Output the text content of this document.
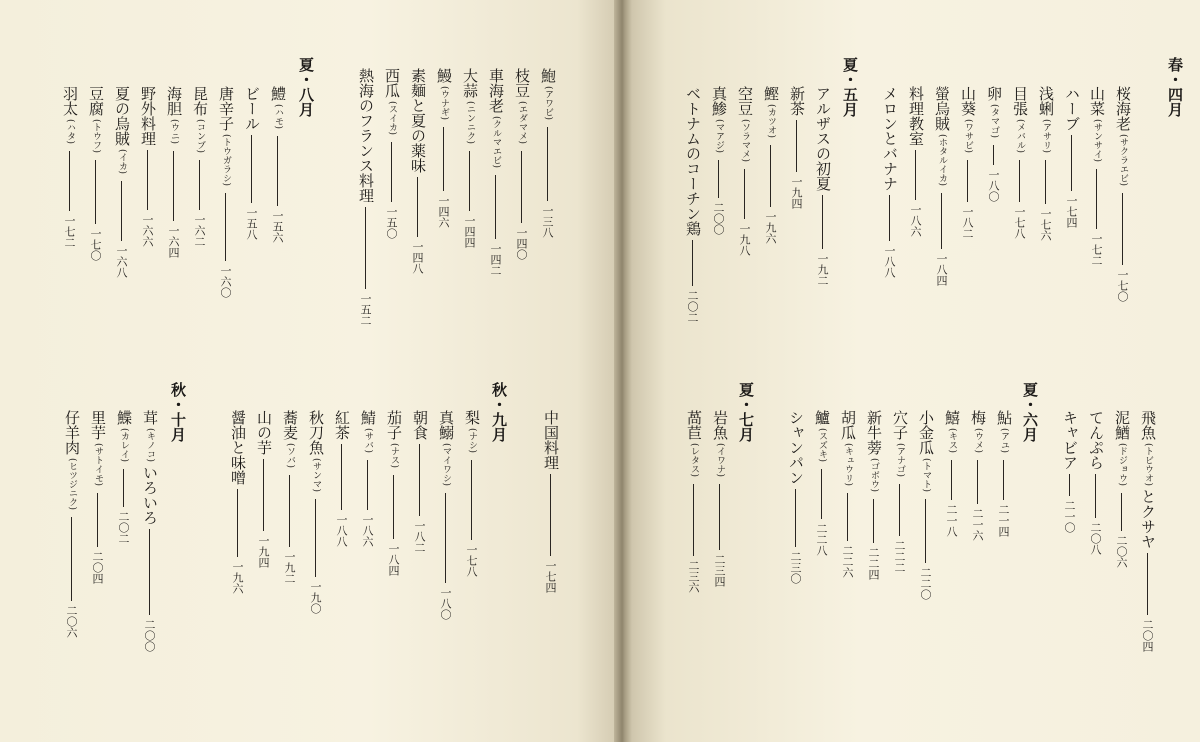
春・四月
桜海老
(サクラエビ)
一七〇
山菜
(サンサイ)
一七二
ハーブ
一七四
浅蜊
(アサリ)
一七六
目張
(メバル)
一七八
卵
(タマゴ)
一八〇
山葵
(ワサビ)
一八二
螢烏賊
(ホタルイカ)
一八四
料理教室
一八六
メロンとバナナ
一八八
夏・五月
アルザスの初夏
一九二
新茶
一九四
鰹
(カツオ)
一九六
空豆
(ソラマメ)
一九八
真鯵
(マアジ)
二〇〇
ベトナムのコーチン鶏
二〇二
飛魚
(トビウオ)
とクサヤ
二〇四
泥鰌
(ドジョウ)
二〇六
てんぷら
二〇八
キャビア
二一〇
夏・六月
鮎
(アユ)
二一四
梅
(ウメ)
二一六
鱚
(キス)
二一八
小金瓜
(トマト)
二二〇
穴子
(アナゴ)
二二二
新牛蒡
(ゴボウ)
二二四
胡瓜
(キュウリ)
二二六
鱸
(スズキ)
二二八
シャンパン
二三〇
夏・七月
岩魚
(イワナ)
二三四
萵苣
(レタス)
二三六
鮑
(アワビ)
一三八
枝豆
(エダマメ)
一四〇
車海老
(クルマエビ)
一四二
大蒜
(ニンニク)
一四四
鰻
(ウナギ)
一四六
素麺と夏の薬味
一四八
西瓜
(スイカ)
一五〇
熱海のフランス料理
一五二
夏・八月
鱧
(ハモ)
一五六
ビール
一五八
唐辛子
(トウガラシ)
一六〇
昆布
(コンブ)
一六二
海胆
(ウニ)
一六四
野外料理
一六六
夏の烏賊
(イカ)
一六八
豆腐
(トウフ)
一七〇
羽太
(ハタ)
一七二
中国料理
一七四
秋・九月
梨
(ナシ)
一七八
真鰯
(マイワシ)
一八〇
朝食
一八二
茄子
(ナス)
一八四
鯖
(サバ)
一八六
紅茶
一八八
秋刀魚
(サンマ)
一九〇
蕎麦
(ソバ)
一九二
山の芋
一九四
醤油と味噌
一九六
秋・十月
茸
(キノコ)
いろいろ
二〇〇
鰈
(カレイ)
二〇二
里芋
(サトイモ)
二〇四
仔羊肉
(ヒツジニク)
二〇六
